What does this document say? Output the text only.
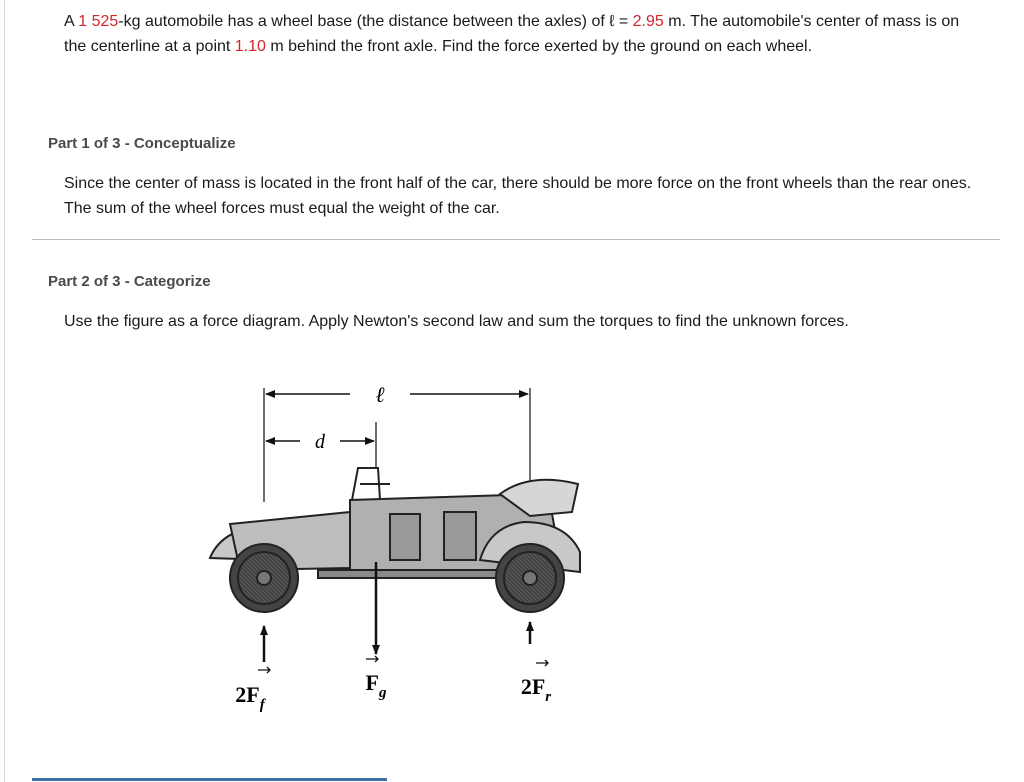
A 1 525-kg automobile has a wheel base (the distance between the axles) of ℓ = 2.95 m. The automobile's center of mass is on the centerline at a point 1.10 m behind the front axle. Find the force exerted by the ground on each wheel.
Part 1 of 3 - Conceptualize
Since the center of mass is located in the front half of the car, there should be more force on the front wheels than the rear ones. The sum of the wheel forces must equal the weight of the car.
Part 2 of 3 - Categorize
Use the figure as a force diagram. Apply Newton's second law and sum the torques to find the unknown forces.
ℓ
d
$2F_f$
$F_g$	$2F_r$
